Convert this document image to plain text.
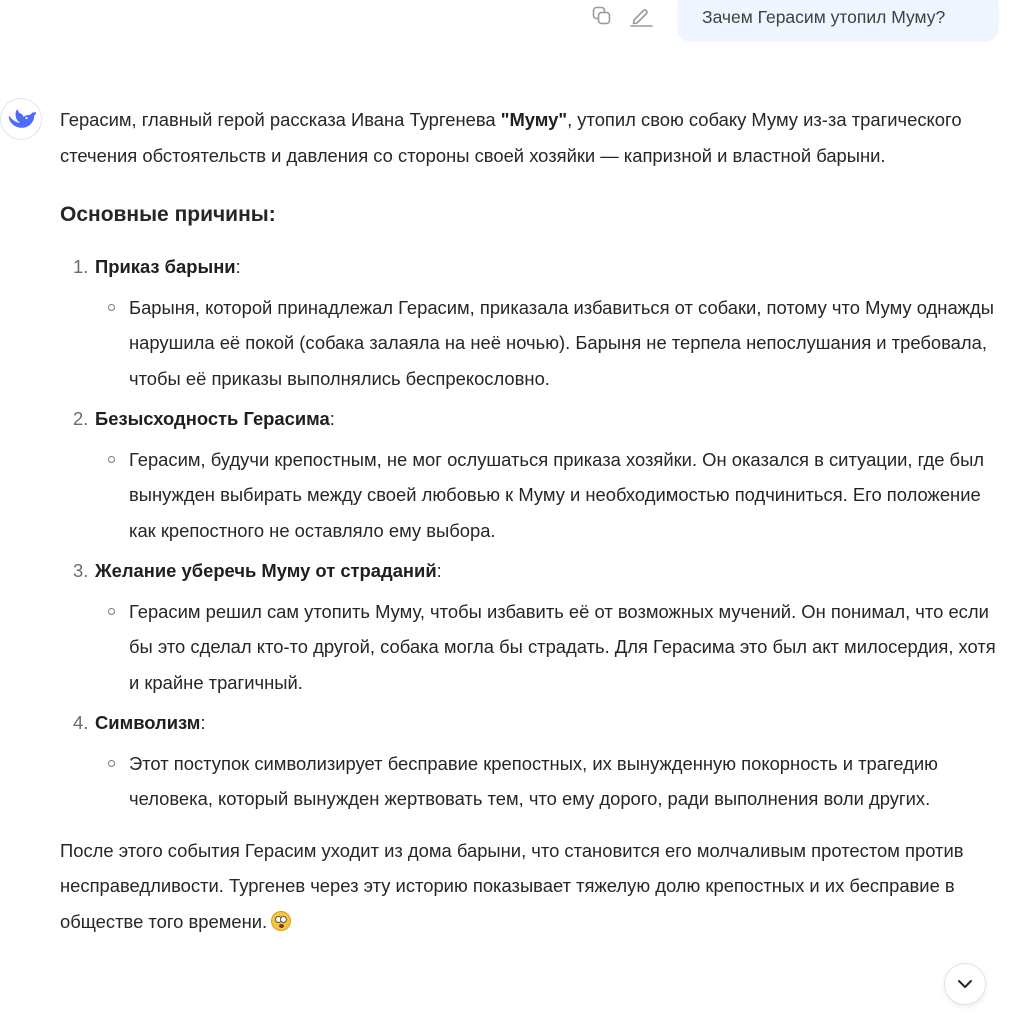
Зачем Герасим утопил Муму?

Герасим, главный герой рассказа Ивана Тургенева "Муму", утопил свою собаку Муму из-за трагического стечения обстоятельств и давления со стороны своей хозяйки — капризной и властной барыни.

Основные причины:
1. Приказ барыни:
Барыня, которой принадлежал Герасим, приказала избавиться от собаки, потому что Муму однажды нарушила её покой (собака залаяла на неё ночью). Барыня не терпела непослушания и требовала, чтобы её приказы выполнялись беспрекословно.
2. Безысходность Герасима:
Герасим, будучи крепостным, не мог ослушаться приказа хозяйки. Он оказался в ситуации, где был вынужден выбирать между своей любовью к Муму и необходимостью подчиниться. Его положение как крепостного не оставляло ему выбора.
3. Желание уберечь Муму от страданий:
Герасим решил сам утопить Муму, чтобы избавить её от возможных мучений. Он понимал, что если бы это сделал кто-то другой, собака могла бы страдать. Для Герасима это был акт милосердия, хотя и крайне трагичный.
4. Символизм:
Этот поступок символизирует бесправие крепостных, их вынужденную покорность и трагедию человека, который вынужден жертвовать тем, что ему дорого, ради выполнения воли других.

После этого события Герасим уходит из дома барыни, что становится его молчаливым протестом против несправедливости. Тургенев через эту историю показывает тяжелую долю крепостных и их бесправие в обществе того времени.
